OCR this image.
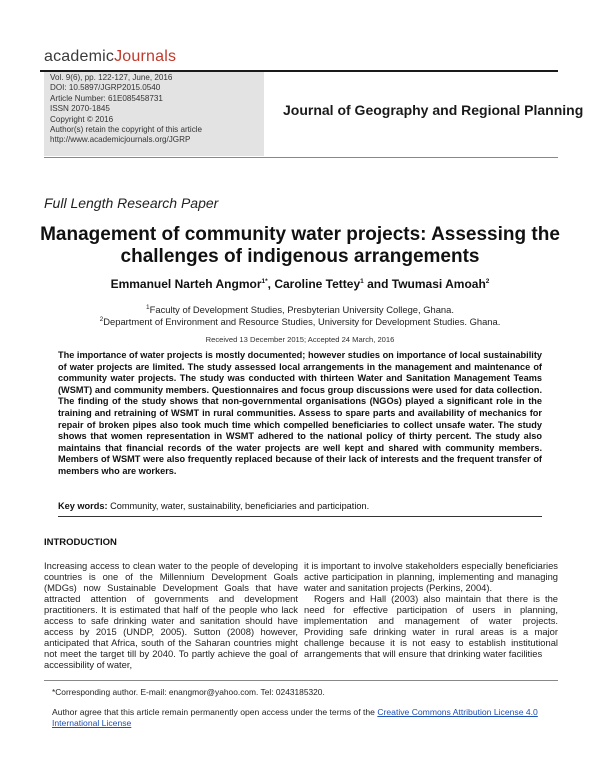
academicJournals
Vol. 9(6), pp. 122-127, June, 2016
DOI: 10.5897/JGRP2015.0540
Article Number: 61E085458731
ISSN 2070-1845
Copyright © 2016
Author(s) retain the copyright of this article
http://www.academicjournals.org/JGRP
Journal of Geography and Regional Planning
Full Length Research Paper
Management of community water projects: Assessing the challenges of indigenous arrangements
Emmanuel Narteh Angmor$^{1*}$, Caroline Tettey$^1$ and Twumasi Amoah$^2$
$^1$Faculty of Development Studies, Presbyterian University College, Ghana.
$^2$Department of Environment and Resource Studies, University for Development Studies. Ghana.
Received 13 December 2015; Accepted 24 March, 2016
The importance of water projects is mostly documented; however studies on importance of local sustainability of water projects are limited. The study assessed local arrangements in the management and maintenance of community water projects. The study was conducted with thirteen Water and Sanitation Management Teams (WSMT) and community members. Questionnaires and focus group discussions were used for data collection. The finding of the study shows that non-governmental organisations (NGOs) played a significant role in the training and retraining of WSMT in rural communities. Assess to spare parts and availability of mechanics for repair of broken pipes also took much time which compelled beneficiaries to collect unsafe water. The study shows that women representation in WSMT adhered to the national policy of thirty percent. The study also maintains that financial records of the water projects are well kept and shared with community members. Members of WSMT were also frequently replaced because of their lack of interests and the frequent transfer of members who are workers.
Key words: Community, water, sustainability, beneficiaries and participation.
INTRODUCTION

Increasing access to clean water to the people of developing countries is one of the Millennium Development Goals (MDGs) now Sustainable Development Goals that have attracted attention of governments and development practitioners. It is estimated that half of the people who lack access to safe drinking water and sanitation should have access by 2015 (UNDP, 2005). Sutton (2008) however, anticipated that Africa, south of the Saharan countries might not meet the target till by 2040. To partly achieve the goal of accessibility of water,

it is important to involve stakeholders especially beneficiaries active participation in planning, implementing and managing water and sanitation projects (Perkins, 2004).

Rogers and Hall (2003) also maintain that there is the need for effective participation of users in planning, implementation and management of water projects. Providing safe drinking water in rural areas is a major challenge because it is not easy to establish institutional arrangements that will ensure that drinking water facilities

*Corresponding author. E-mail: enangmor@yahoo.com. Tel: 0243185320.
Author agree that this article remain permanently open access under the terms of the Creative Commons Attribution License 4.0 International License
